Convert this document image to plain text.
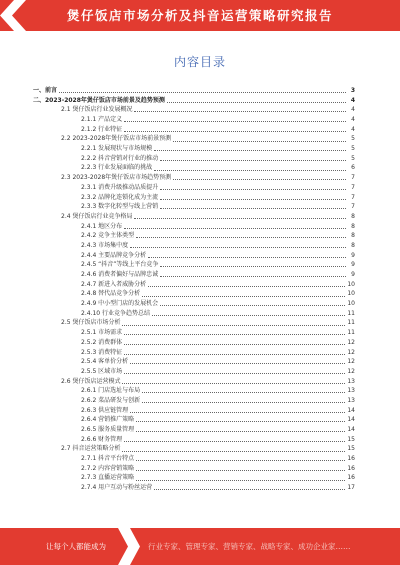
煲仔饭店市场分析及抖音运营策略研究报告
内容目录
一、前言	3
二、2023-2028年煲仔饭店市场前景及趋势预测	4
2.1 煲仔饭店行业发展概况	4
2.1.1 产品定义	4
2.1.2 行业特征	4
2.2 2023-2028年煲仔饭店市场前景预测	5
2.2.1 发展现状与市场规模	5
2.2.2 抖音营销对行业的推动	5
2.2.3 行业发展面临的挑战	6
2.3 2023-2028年煲仔饭店市场趋势预测	7
2.3.1 消费升级推动品质提升	7
2.3.2 品牌化连锁化成为主流	7
2.3.3 数字化转型与线上营销	7
2.4 煲仔饭店行业竞争格局	8
2.4.1 地区分布	8
2.4.2 竞争主体类型	8
2.4.3 市场集中度	8
2.4.4 主要品牌竞争分析	9
2.4.5 “抖音”等线上平台竞争	9
2.4.6 消费者偏好与品牌忠诚	9
2.4.7 新进入者威胁分析	10
2.4.8 替代品竞争分析	10
2.4.9 中小型门店的发展机会	10
2.4.10 行业竞争趋势总结	11
2.5 煲仔饭店市场分析	11
2.5.1 市场需求	11
2.5.2 消费群体	12
2.5.3 消费特征	12
2.5.4 客单价分析	12
2.5.5 区域市场	12
2.6 煲仔饭店运营模式	13
2.6.1 门店选址与布局	13
2.6.2 菜品研发与创新	13
2.6.3 供应链管理	14
2.6.4 营销推广策略	14
2.6.5 服务质量管理	14
2.6.6 财务管理	15
2.7 抖音运营策略分析	15
2.7.1 抖音平台特点	16
2.7.2 内容营销策略	16
2.7.3 直播运营策略	16
2.7.4 用户互动与粉丝运营	17
让每个人都能成为	行业专家、管理专家、营销专家、战略专家、成功企业家……
